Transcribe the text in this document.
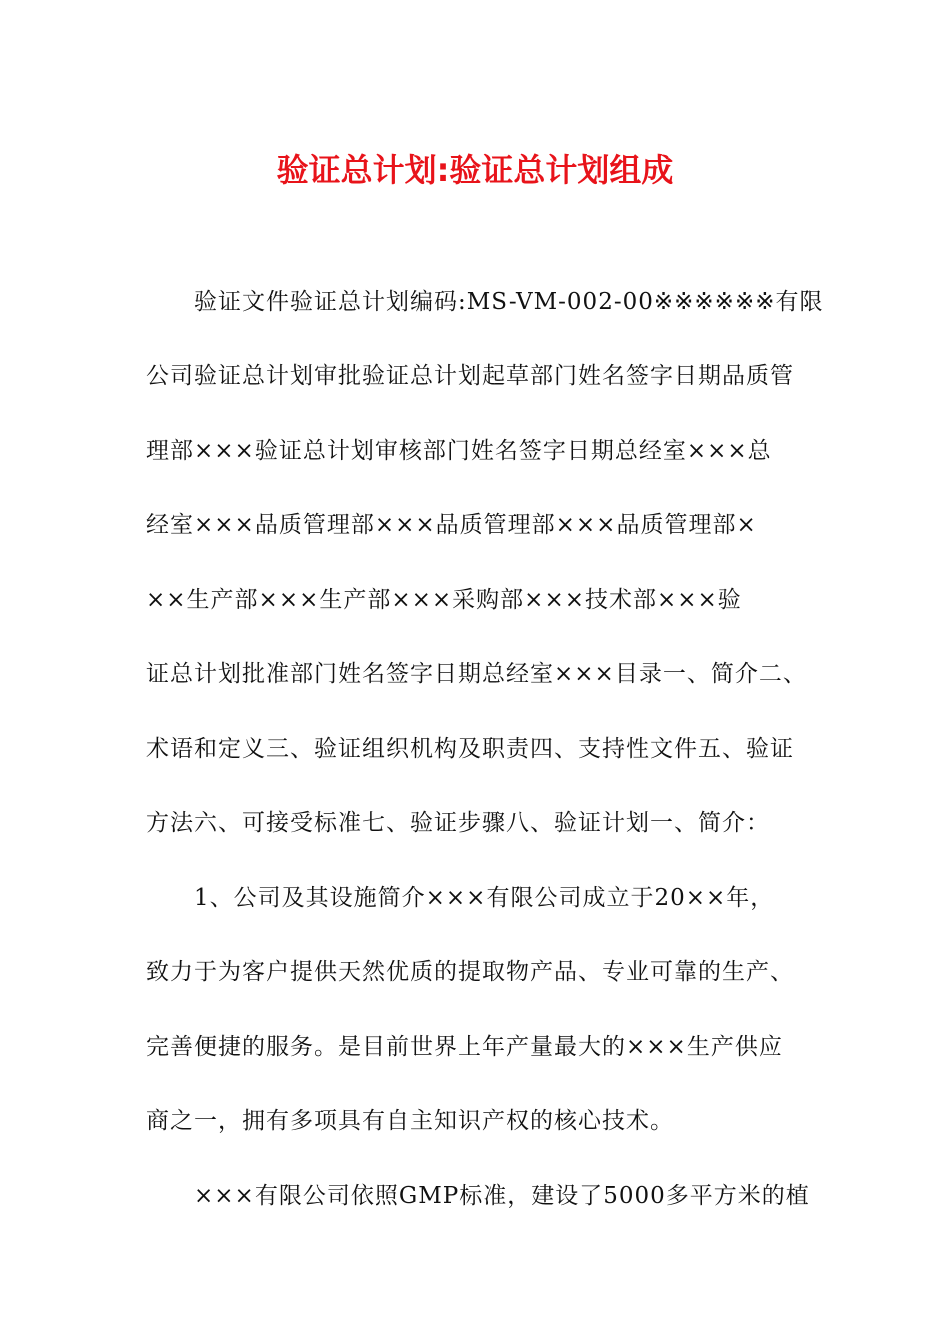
验证总计划:验证总计划组成

验证文件验证总计划编码:MS-VM-002-00※※※※※※有限

公司验证总计划审批验证总计划起草部门姓名签字日期品质管

理部×××验证总计划审核部门姓名签字日期总经室×××总

经室×××品质管理部×××品质管理部×××品质管理部×

××生产部×××生产部×××采购部×××技术部×××验

证总计划批准部门姓名签字日期总经室×××目录一、简介二、

术语和定义三、验证组织机构及职责四、支持性文件五、验证

方法六、可接受标准七、验证步骤八、验证计划一、简介：

1、公司及其设施简介×××有限公司成立于20××年，

致力于为客户提供天然优质的提取物产品、专业可靠的生产、

完善便捷的服务。是目前世界上年产量最大的×××生产供应

商之一，拥有多项具有自主知识产权的核心技术。

×××有限公司依照GMP标准，建设了5000多平方米的植
